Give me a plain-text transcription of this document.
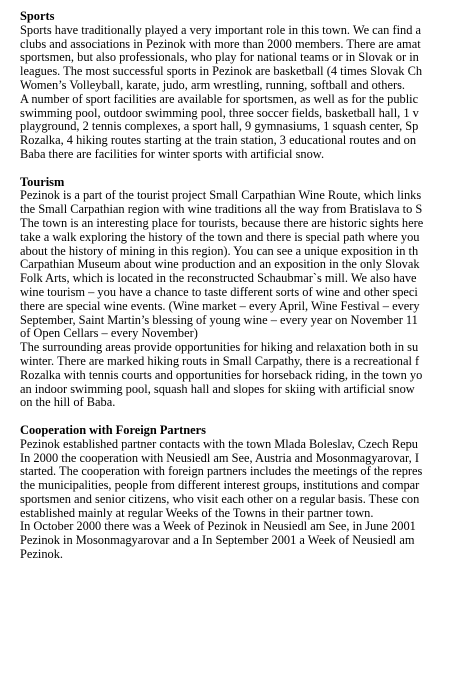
Sports
Sports have traditionally played a very important role in this town. We can find a
clubs and associations in Pezinok with more than 2000 members. There are amat
sportsmen, but also professionals, who play for national teams or in Slovak or in
leagues. The most successful sports in Pezinok are basketball (4 times Slovak Ch
Women’s Volleyball, karate, judo, arm wrestling, running, softball and others.
A number of sport facilities are available for sportsmen, as well as for the public
swimming pool, outdoor swimming pool, three soccer fields, basketball hall, 1 v
playground, 2 tennis complexes, a sport hall, 9 gymnasiums, 1 squash center, Sp
Rozalka, 4 hiking routes starting at the train station, 3 educational routes and on
Baba there are facilities for winter sports with artificial snow.
Tourism
Pezinok is a part of the tourist project Small Carpathian Wine Route, which links
the Small Carpathian region with wine traditions all the way from Bratislava to S
The town is an interesting place for tourists, because there are historic sights here
take a walk exploring the history of the town and there is special path where you
about the history of mining in this region). You can see a unique exposition in th
Carpathian Museum about wine production and an exposition in the only Slovak
Folk Arts, which is located in the reconstructed Schaubmar`s mill. We also have
wine tourism – you have a chance to taste different sorts of wine and other speci
there are special wine events. (Wine market – every April, Wine Festival – every
September, Saint Martin’s blessing of young wine – every year on November 11
of Open Cellars – every November)
The surrounding areas provide opportunities for hiking and relaxation both in su
winter. There are marked hiking routs in Small Carpathy, there is a recreational f
Rozalka with tennis courts and opportunities for horseback riding, in the town yo
an indoor swimming pool, squash hall and slopes for skiing with artificial snow
on the hill of Baba.
Cooperation with Foreign Partners
Pezinok established partner contacts with the town Mlada Boleslav, Czech Repu
In 2000 the cooperation with Neusiedl am See, Austria and Mosonmagyarovar, I
started. The cooperation with foreign partners includes the meetings of the repres
the municipalities, people from different interest groups, institutions and compar
sportsmen and senior citizens, who visit each other on a regular basis. These con
established mainly at regular Weeks of the Towns in their partner town.
In October 2000 there was a Week of Pezinok in Neusiedl am See, in June 2001
Pezinok in Mosonmagyarovar and a In September 2001 a Week of Neusiedl am
Pezinok.
